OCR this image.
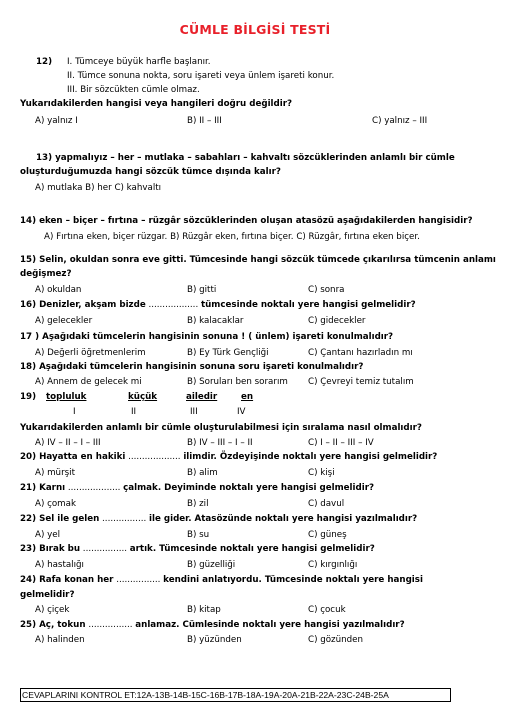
CÜMLE BİLGİSİ TESTİ
12) I. Tümceye büyük harfle başlanır.
II. Tümce sonuna nokta, soru işareti veya ünlem işareti konur.
III. Bir sözcükten cümle olmaz.
Yukarıdakilerden hangisi veya hangileri doğru değildir?
A) yalnız I	B) II – III	C) yalnız – III
13) yapmalıyız – her – mutlaka – sabahları – kahvaltı sözcüklerinden anlamlı bir cümle
oluşturduğumuzda hangi sözcük tümce dışında kalır?
A) mutlaka B) her C) kahvaltı
14) eken – biçer – fırtına – rüzgâr sözcüklerinden oluşan atasözü aşağıdakilerden hangisidir?
A) Fırtına eken, biçer rüzgar. B) Rüzgâr eken, fırtına biçer. C) Rüzgâr, fırtına eken biçer.
15) Selin, okuldan sonra eve gitti. Tümcesinde hangi sözcük tümcede çıkarılırsa tümcenin anlamı
değişmez?
A) okuldan	B) gitti	C) sonra
16) Denizler, akşam bizde .................. tümcesinde noktalı yere hangisi gelmelidir?
A) gelecekler	B) kalacaklar	C) gidecekler
17 ) Aşağıdaki tümcelerin hangisinin sonuna ! ( ünlem) işareti konulmalıdır?
A) Değerli öğretmenlerim	B) Ey Türk Gençliği	C) Çantanı hazırladın mı
18) Aşağıdaki tümcelerin hangisinin sonuna soru işareti konulmalıdır?
A) Annem de gelecek mi	B) Soruları ben sorarım C) Çevreyi temiz tutalım
19) topluluk	küçük	ailedir	en
I	II	III	IV
Yukarıdakilerden anlamlı bir cümle oluşturulabilmesi için sıralama nasıl olmalıdır?
A) IV – II – I – III	B) IV – III – I – II	C) I – II – III – IV
20) Hayatta en hakiki ................... ilimdir. Özdeyişinde noktalı yere hangisi gelmelidir?
A) mürşit	B) alim	C) kişi
21) Karnı ................... çalmak. Deyiminde noktalı yere hangisi gelmelidir?
A) çomak	B) zil	C) davul
22) Sel ile gelen ................ ile gider. Atasözünde noktalı yere hangisi yazılmalıdır?
A) yel	B) su	C) güneş
23) Bırak bu ................ artık. Tümcesinde noktalı yere hangisi gelmelidir?
A) hastalığı	B) güzelliği	C) kırgınlığı
24) Rafa konan her ................ kendini anlatıyordu. Tümcesinde noktalı yere hangisi
gelmelidir?
A) çiçek	B) kitap	C) çocuk
25) Aç, tokun ................ anlamaz. Cümlesinde noktalı yere hangisi yazılmalıdır?
A) halinden	B) yüzünden	C) gözünden
CEVAPLARINI KONTROL ET:12A-13B-14B-15C-16B-17B-18A-19A-20A-21B-22A-23C-24B-25A
